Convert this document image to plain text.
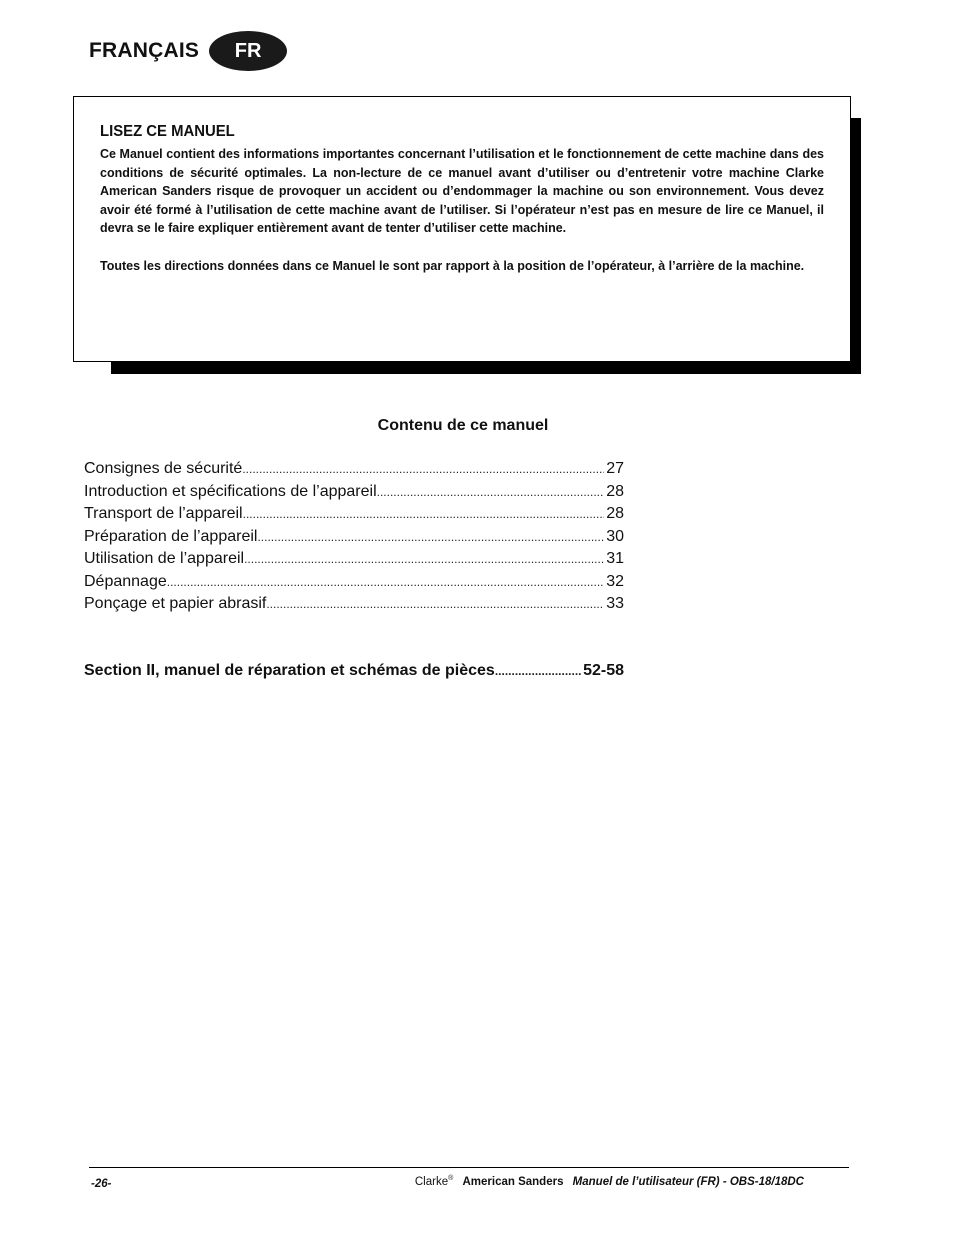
FRANÇAIS	FR
LISEZ CE MANUEL

Ce Manuel contient des informations importantes concernant l’utilisation et le fonctionnement de cette machine dans des conditions de sécurité optimales. La non-lecture de ce manuel avant d’utiliser ou d’entretenir votre machine Clarke American Sanders risque de provoquer un accident ou d’endommager la machine ou son environnement. Vous devez avoir été formé à l’utilisation de cette machine avant de l’utiliser. Si l’opérateur n’est pas en mesure de lire ce Manuel, il devra se le faire expliquer entièrement avant de tenter d’utiliser cette machine.

Toutes les directions données dans ce Manuel le sont par rapport à la position de l’opérateur, à l’arrière de la machine.

Contenu de ce manuel
Consignes de sécurité .....	27
Introduction et spécifications de l’appareil .....	28
Transport de l’appareil .....	28
Préparation de l’appareil .....	30
Utilisation de l’appareil .....	31
Dépannage .....	32
Ponçage et papier abrasif .....	33
Section II, manuel de réparation et schémas de pièces .....	52-58
-26-	Clarke® American Sanders Manuel de l’utilisateur (FR) - OBS-18/18DC
